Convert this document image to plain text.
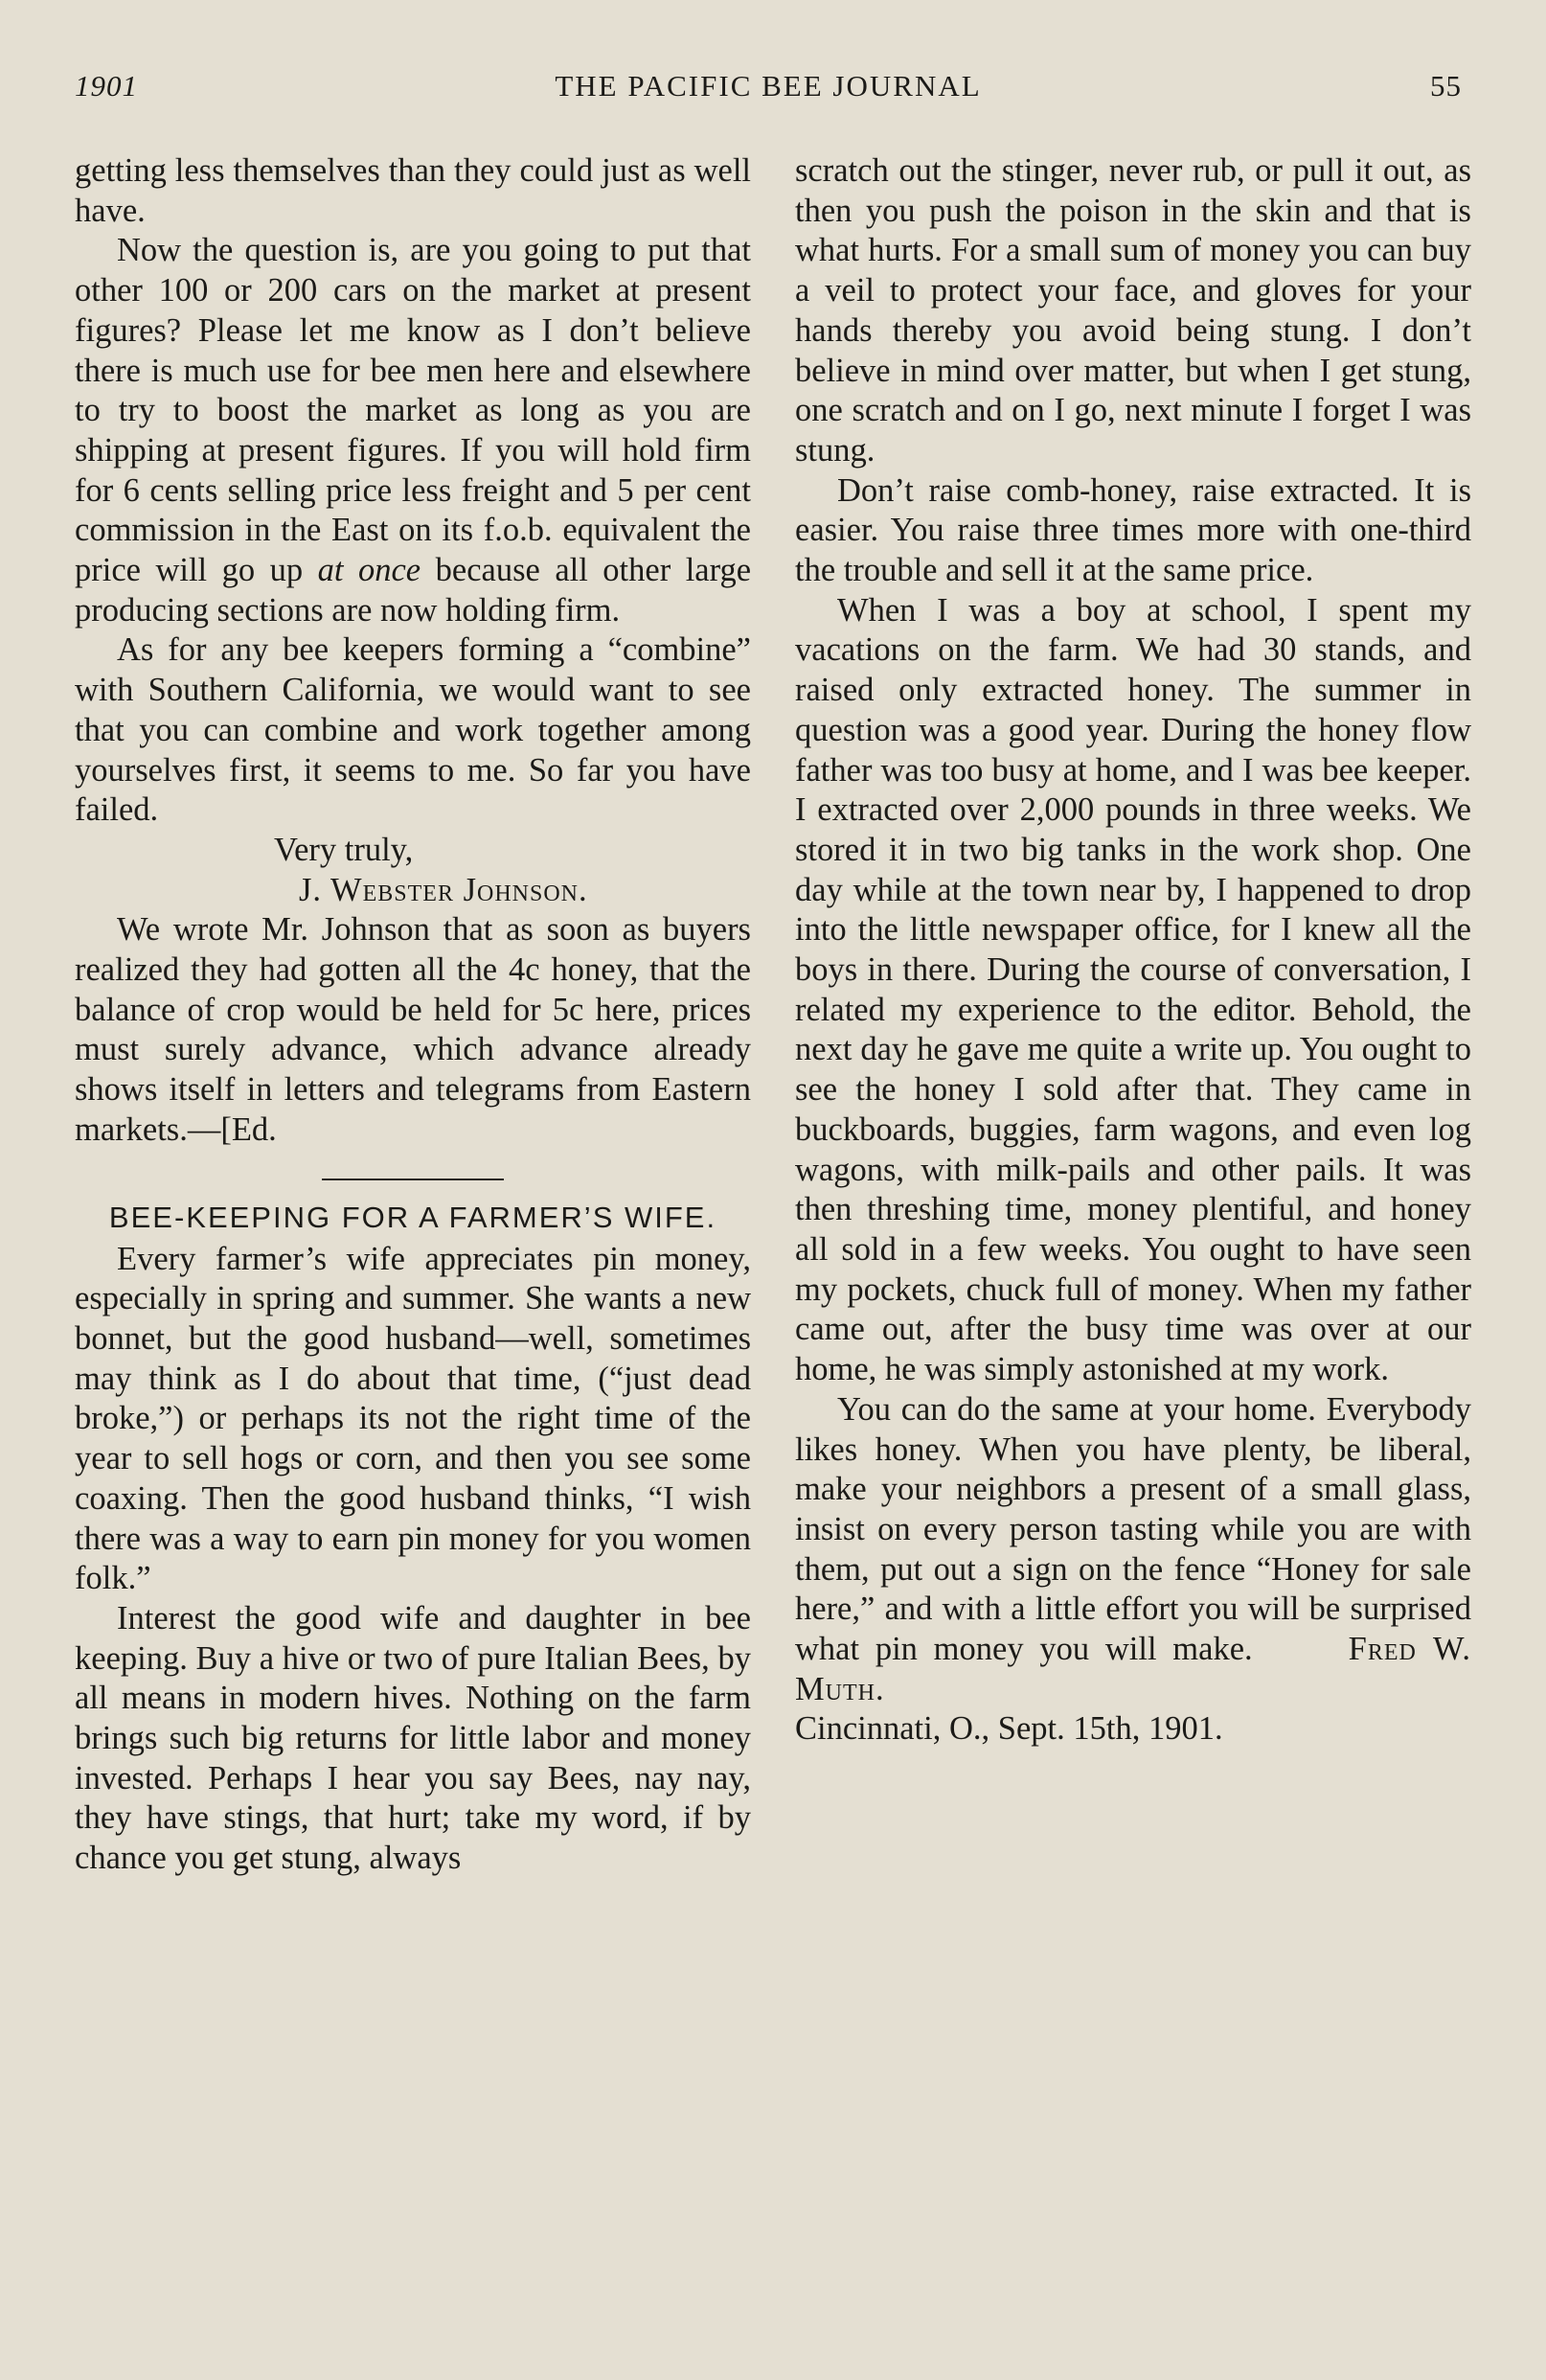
1901	THE PACIFIC BEE JOURNAL	55

getting less themselves than they could just as well have.

Now the question is, are you going to put that other 100 or 200 cars on the market at present figures? Please let me know as I don’t believe there is much use for bee men here and elsewhere to try to boost the market as long as you are shipping at present figures. If you will hold firm for 6 cents selling price less freight and 5 per cent commission in the East on its f.o.b. equivalent the price will go up at once because all other large producing sections are now holding firm.

As for any bee keepers forming a “combine” with Southern California, we would want to see that you can combine and work together among yourselves first, it seems to me. So far you have failed.

Very truly,

J. Webster Johnson.

We wrote Mr. Johnson that as soon as buyers realized they had gotten all the 4c honey, that the balance of crop would be held for 5c here, prices must surely advance, which advance already shows itself in letters and telegrams from Eastern markets.—[Ed.

BEE-KEEPING FOR A FARMER’S WIFE.

Every farmer’s wife appreciates pin money, especially in spring and summer. She wants a new bonnet, but the good husband—well, sometimes may think as I do about that time, (“just dead broke,”) or perhaps its not the right time of the year to sell hogs or corn, and then you see some coaxing. Then the good husband thinks, “I wish there was a way to earn pin money for you women folk.”

Interest the good wife and daughter in bee keeping. Buy a hive or two of pure Italian Bees, by all means in modern hives. Nothing on the farm brings such big returns for little labor and money invested. Perhaps I hear you say Bees, nay nay, they have stings, that hurt; take my word, if by chance you get stung, always

scratch out the stinger, never rub, or pull it out, as then you push the poison in the skin and that is what hurts. For a small sum of money you can buy a veil to protect your face, and gloves for your hands thereby you avoid being stung. I don’t believe in mind over matter, but when I get stung, one scratch and on I go, next minute I forget I was stung.

Don’t raise comb-honey, raise extracted. It is easier. You raise three times more with one-third the trouble and sell it at the same price.

When I was a boy at school, I spent my vacations on the farm. We had 30 stands, and raised only extracted honey. The summer in question was a good year. During the honey flow father was too busy at home, and I was bee keeper. I extracted over 2,000 pounds in three weeks. We stored it in two big tanks in the work shop. One day while at the town near by, I happened to drop into the little newspaper office, for I knew all the boys in there. During the course of conversation, I related my experience to the editor. Behold, the next day he gave me quite a write up. You ought to see the honey I sold after that. They came in buckboards, buggies, farm wagons, and even log wagons, with milk-pails and other pails. It was then threshing time, money plentiful, and honey all sold in a few weeks. You ought to have seen my pockets, chuck full of money. When my father came out, after the busy time was over at our home, he was simply astonished at my work.

You can do the same at your home. Everybody likes honey. When you have plenty, be liberal, make your neighbors a present of a small glass, insist on every person tasting while you are with them, put out a sign on the fence “Honey for sale here,” and with a little effort you will be surprised what pin money you will make.	Fred W. Muth.

Cincinnati, O., Sept. 15th, 1901.
